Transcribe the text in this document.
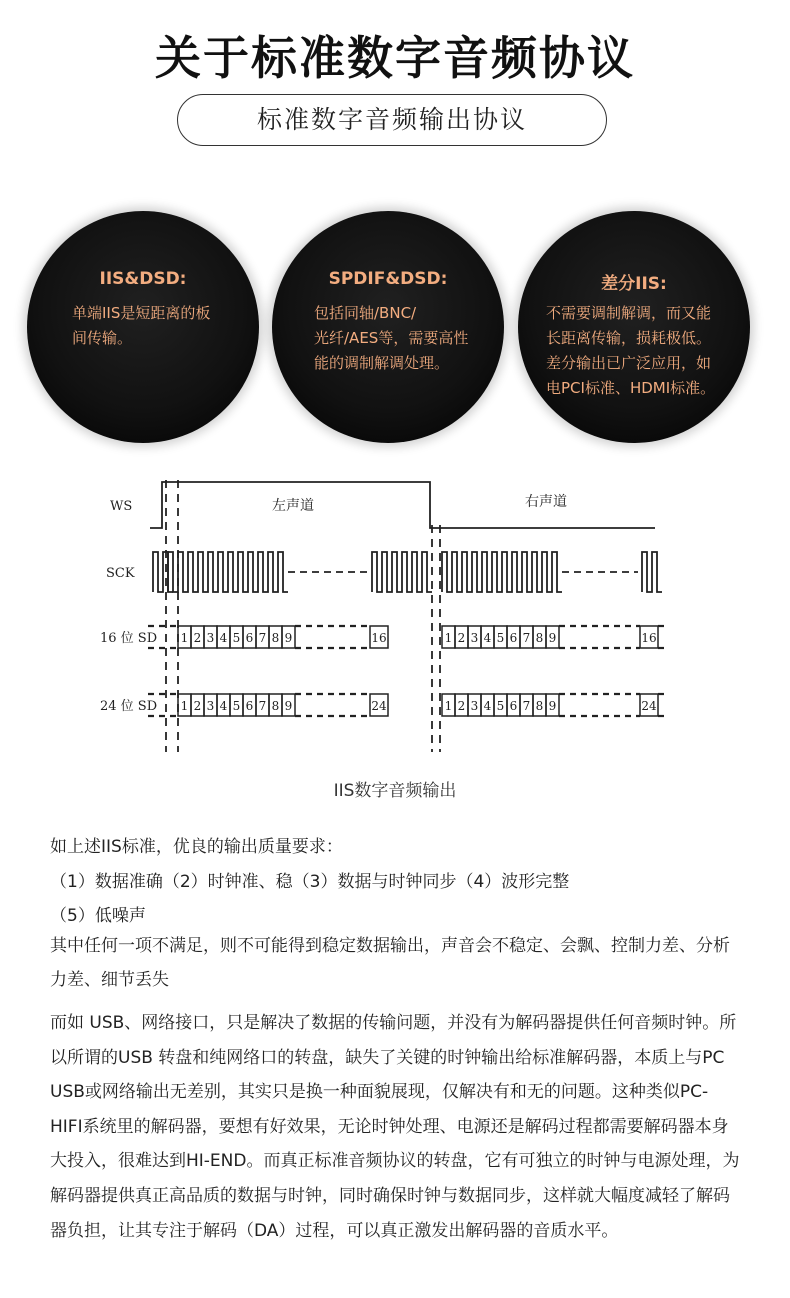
关于标准数字音频协议
标准数字音频输出协议
IIS&DSD:
单端IIS是短距离的板
间传输。
SPDIF&DSD:
包括同轴/BNC/
光纤/AES等，需要高性
能的调制解调处理。
差分IIS:
不需要调制解调，而又能
长距离传输，损耗极低。
差分输出已广泛应用，如
电PCI标准、HDMI标准。
1 2 3 4 5 6 7 8 9	16	1 2 3 4 5 6 7 8 9	16
1 2 3 4 5 6 7 8 9	24	1 2 3 4 5 6 7 8 9	24
WS
SCK
16 位 SD
24 位 SD
左声道	右声道
IIS数字音频输出

如上述IIS标准，优良的输出质量要求：

（1）数据准确（2）时钟准、稳（3）数据与时钟同步（4）波形完整

（5）低噪声

其中任何一项不满足，则不可能得到稳定数据输出，声音会不稳定、会飘、控制力差、分析力差、细节丢失

而如 USB、网络接口，只是解决了数据的传输问题，并没有为解码器提供任何音频时钟。所以所谓的USB 转盘和纯网络口的转盘，缺失了关键的时钟输出给标准解码器，本质上与PC USB或网络输出无差别，其实只是换一种面貌展现，仅解决有和无的问题。这种类似PC-HIFI系统里的解码器，要想有好效果，无论时钟处理、电源还是解码过程都需要解码器本身大投入，很难达到HI-END。而真正标准音频协议的转盘，它有可独立的时钟与电源处理，为解码器提供真正高品质的数据与时钟，同时确保时钟与数据同步，这样就大幅度减轻了解码器负担，让其专注于解码（DA）过程，可以真正激发出解码器的音质水平。
